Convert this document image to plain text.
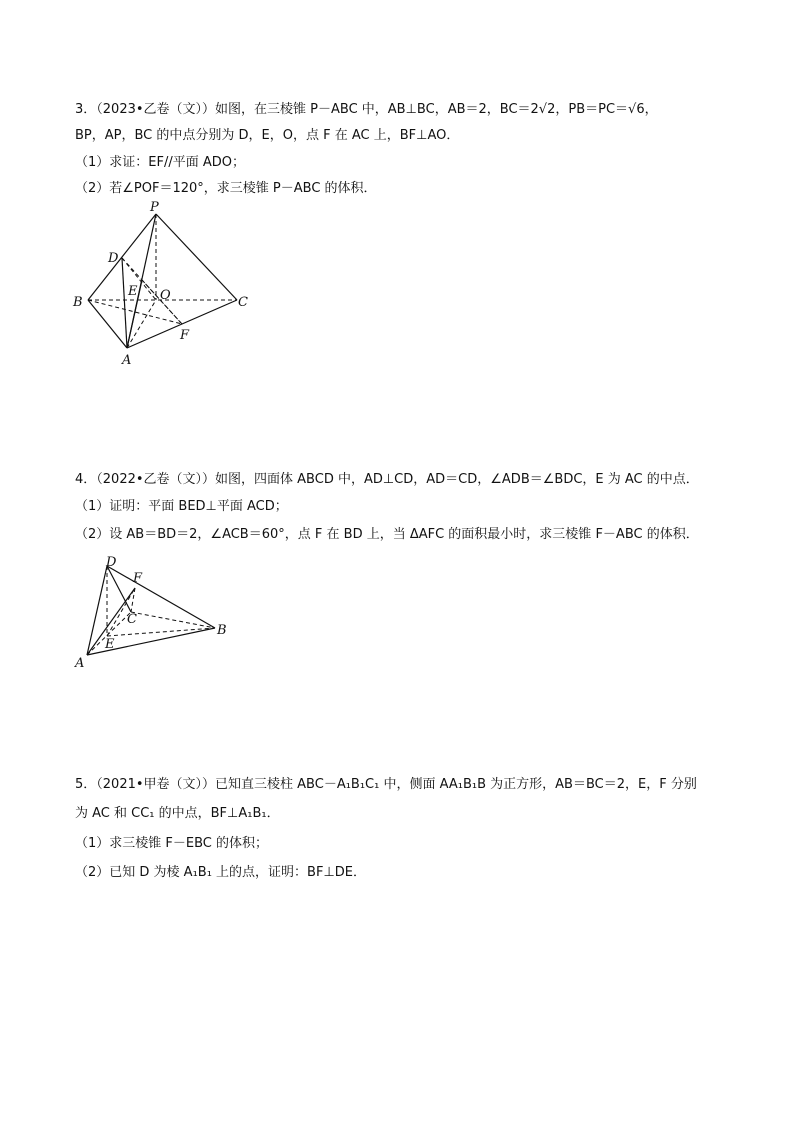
3．（2023•乙卷（文））如图，在三棱锥 P－ABC 中，AB⊥BC，AB＝2，BC＝2√2，PB＝PC＝√6，
BP，AP，BC 的中点分别为 D，E，O，点 F 在 AC 上，BF⊥AO．
（1）求证：EF//平面 ADO；
（2）若∠POF＝120°，求三棱锥 P－ABC 的体积．
P
D
E O
B	C
F
A
4．（2022•乙卷（文））如图，四面体 ABCD 中，AD⊥CD，AD＝CD，∠ADB＝∠BDC，E 为 AC 的中点．
（1）证明：平面 BED⊥平面 ACD；
（2）设 AB＝BD＝2，∠ACB＝60°，点 F 在 BD 上，当 ΔAFC 的面积最小时，求三棱锥 F－ABC 的体积．
D
F
C
B
E
A
5．（2021•甲卷（文））已知直三棱柱 ABC－A₁B₁C₁ 中，侧面 AA₁B₁B 为正方形，AB＝BC＝2，E，F 分别
为 AC 和 CC₁ 的中点，BF⊥A₁B₁．
（1）求三棱锥 F－EBC 的体积；
（2）已知 D 为棱 A₁B₁ 上的点，证明：BF⊥DE．
